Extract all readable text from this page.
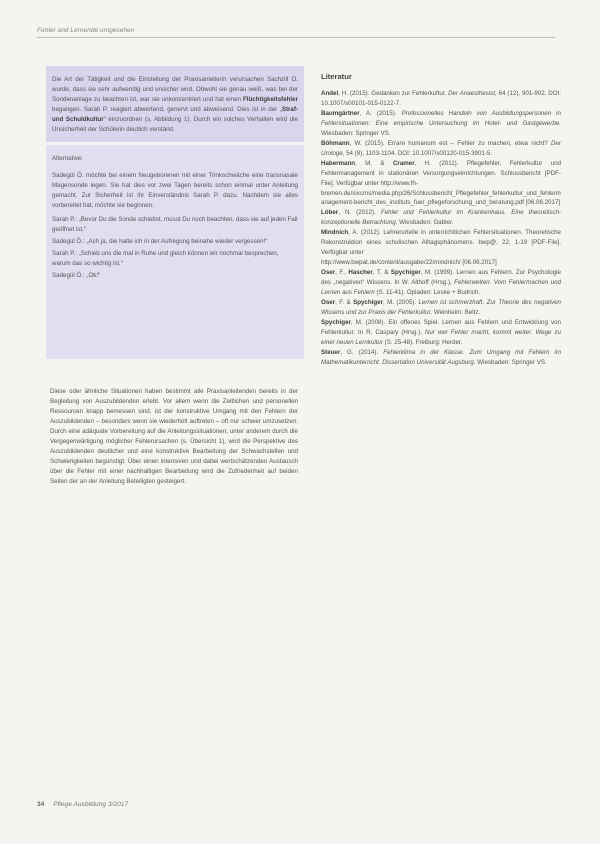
Fehler and Lernende umgesehen
Die Art der Tätigkeit und die Einstellung der Praxisanleiterin verursachen Sachzill O. wurde, dass sie sehr aufwendig und unsicher wird. Obwohl sie genau weiß, was bei der Sondenanlage zu beachten ist, war sie unkonzentriert und hat einen Flüchtigkeitsfehler begangen. Sarah P. reagiert abwertend, genervt und abweisend. Dies ist in der „Straf- und Schuldkultur“ einzuordnen (s. Abbildung 1). Durch ein solches Verhalten wird die Unsicherheit der Schülerin deutlich verstärkt.
Alternative:

Sadegül Ö. möchte bei einem Neugeborenen mit einer Trinkschwäche eine transnasale Magensonde legen. Sie hat dies vor zwei Tagen bereits schon einmal unter Anleitung gemacht. Zur Sicherheit ist ihr Einverständnis Sarah P. dazu. Nachdem sie alles vorbereitet hat, möchte sie beginnen.

Sarah P.: „Bevor Du die Sonde schiebst, musst Du noch beachten, dass sie auf jeden Fall geöffnet ist.“

Sadegül Ö.: „Ach ja, die hatte ich in der Aufregung beinahe wieder vergessen!“

Sarah P.: „Schieb uns die mal in Ruhe und gleich können wir nochmal besprechen, warum das so wichtig ist.“

Sadegül Ö.: „Ok!“

Diese oder ähnliche Situationen haben bestimmt alle Praxisanleitenden bereits in der Begleitung von Auszubildenden erlebt. Vor allem wenn die Zeitlichen und personellen Ressourcen knapp bemessen sind, ist der konstruktive Umgang mit den Fehlern der Auszubildenden – besonders wenn sie wiederholt auftreten – oft nur schwer umzusetzen. Durch eine adäquate Vorbereitung auf die Anleitungssituationen, unter anderem durch die Vergegenwärtigung möglicher Fehlerursachen (s. Übersicht 1), wird die Perspektive des Auszubildenden deutlicher und eine konstruktive Bearbeitung der Schwachstellen und Schwierigkeiten begünstigt. Über einen intensiven und dabei wertschätzenden Austausch über die Fehler mit einer nachhaltigen Bearbeitung wird die Zufriedenheit auf beiden Seiten der an der Anleitung Beteiligten gesteigert.
Literatur
Andel, H. (2015). Gedanken zur Fehlerkultur. Der Anaesthesist, 64 (12), 901-902. DOI: 10.1007/s00101-015-0122-7.
Baumgärtner, A. (2015). Professionelles Handeln von Ausbildungspersonen in Fehlersituationen: Eine empirische Untersuchung im Hotel- und Gastgewerbe. Wiesbaden: Springer VS.
Böhmann, W. (2015). Errare humanum est – Fehler zu machen, etwa nicht? Der Urologe, 54 (8), 1103-1104. DOI: 10.1007/s00120-015-3901-5.
Habermann, M. & Cramer, H. (2011). Pflegefehler, Fehlerkultur und Fehlermanagement in stationären Versorgungseinrichtungen. Schlussbericht [PDF-File]. Verfügbar unter http://www.fh-
bremen.de/sixcms/media.php/26/Schlussbericht_Pflegefehler_fehlerkultur_und_fehlermanagement-bericht_des_instituts_fuer_pflegeforschung_und_beratung.pdf [06.06.2017]
Löber, N. (2012). Fehler und Fehlerkultur im Krankenhaus. Eine theoretisch-konzeptionelle Betrachtung. Wiesbaden: Gabler.
Mindnich, A. (2012). Lehrerurteile in unterrichtlichen Fehlersituationen. Theoretische Rekonstruktion eines schulischen Alltagsphänomens. bwp@, 22, 1-19 [PDF-File]. Verfügbar unter
http://www.bwpat.de/content/ausgabe/22/mindnich/ [06.06.2017]
Oser, F., Hascher, T. & Spychiger, M. (1999). Lernen aus Fehlern. Zur Psychologie des „negativen“ Wissens. In W. Althoff (Hrsg.), Fehlerwelten. Vom Fehlermachen und Lernen aus Fehlern (S. 11-41). Opladen: Leske + Budrich.
Oser, F. & Spychiger, M. (2005). Lernen ist schmerzhaft. Zur Theorie des negativen Wissens und zur Praxis der Fehlerkultur. Weinheim: Beltz.
Spychiger, M. (2008). Ein offenes Spiel. Lernen aus Fehlern und Entwicklung von Fehlerkultur. In R. Caspary (Hrsg.), Nur wer Fehler macht, kommt weiter. Wege zu einer neuen Lernkultur (S. 25-48). Freiburg: Herder.
Steuer, G. (2014). Fehlerklima in der Klasse. Zum Umgang mit Fehlern im Mathematikunterricht. Dissertation Universität Augsburg. Wiesbaden: Springer VS.
34 Pflege Ausbildung 3/2017
